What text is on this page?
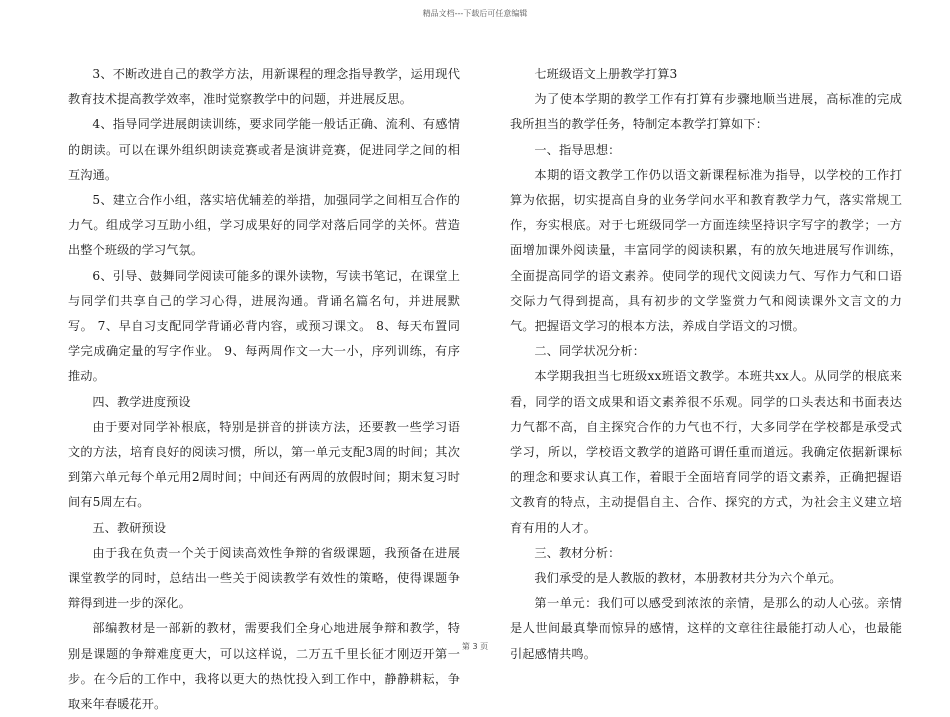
精品文档---下载后可任意编辑

3、不断改进自己的教学方法，用新课程的理念指导教学，运用现代教育技术提高教学效率，准时觉察教学中的问题，并进展反思。

4、指导同学进展朗读训练，要求同学能一般话正确、流利、有感情的朗读。可以在课外组织朗读竞赛或者是演讲竞赛，促进同学之间的相互沟通。

5、建立合作小组，落实培优辅差的举措，加强同学之间相互合作的力气。组成学习互助小组，学习成果好的同学对落后同学的关怀。营造出整个班级的学习气氛。

6、引导、鼓舞同学阅读可能多的课外读物，写读书笔记，在课堂上与同学们共享自己的学习心得，进展沟通。背诵名篇名句，并进展默写。 7、早自习支配同学背诵必背内容，或预习课文。 8、每天布置同学完成确定量的写字作业。 9、每两周作文一大一小，序列训练，有序推动。

四、教学进度预设

由于要对同学补根底，特别是拼音的拼读方法，还要教一些学习语文的方法，培育良好的阅读习惯，所以，第一单元支配3周的时间；其次到第六单元每个单元用2周时间；中间还有两周的放假时间；期末复习时间有5周左右。

五、教研预设

由于我在负责一个关于阅读高效性争辩的省级课题，我预备在进展课堂教学的同时，总结出一些关于阅读教学有效性的策略，使得课题争辩得到进一步的深化。

部编教材是一部新的教材，需要我们全身心地进展争辩和教学，特别是课题的争辩难度更大，可以这样说，二万五千里长征才刚迈开第一步。在今后的工作中，我将以更大的热忱投入到工作中，静静耕耘，争取来年春暖花开。

七班级语文上册教学打算3

为了使本学期的教学工作有打算有步骤地顺当进展，高标准的完成我所担当的教学任务，特制定本教学打算如下：

一、指导思想：

本期的语文教学工作仍以语文新课程标准为指导，以学校的工作打算为依据，切实提高自身的业务学问水平和教育教学力气，落实常规工作，夯实根底。对于七班级同学一方面连续坚持识字写字的教学；一方面增加课外阅读量，丰富同学的阅读积累，有的放矢地进展写作训练，全面提高同学的语文素养。使同学的现代文阅读力气、写作力气和口语交际力气得到提高，具有初步的文学鉴赏力气和阅读课外文言文的力气。把握语文学习的根本方法，养成自学语文的习惯。

二、同学状况分析：

本学期我担当七班级xx班语文教学。本班共xx人。从同学的根底来看，同学的语文成果和语文素养很不乐观。同学的口头表达和书面表达力气都不高，自主探究合作的力气也不行，大多同学在学校都是承受式学习，所以，学校语文教学的道路可谓任重而道远。我确定依据新课标的理念和要求认真工作，着眼于全面培育同学的语文素养，正确把握语文教育的特点，主动提倡自主、合作、探究的方式，为社会主义建立培育有用的人才。

三、教材分析：

我们承受的是人教版的教材，本册教材共分为六个单元。

第一单元：我们可以感受到浓浓的亲情，是那么的动人心弦。亲情是人世间最真挚而惊异的感情，这样的文章往往最能打动人心，也最能引起感情共鸣。

第 3 页
